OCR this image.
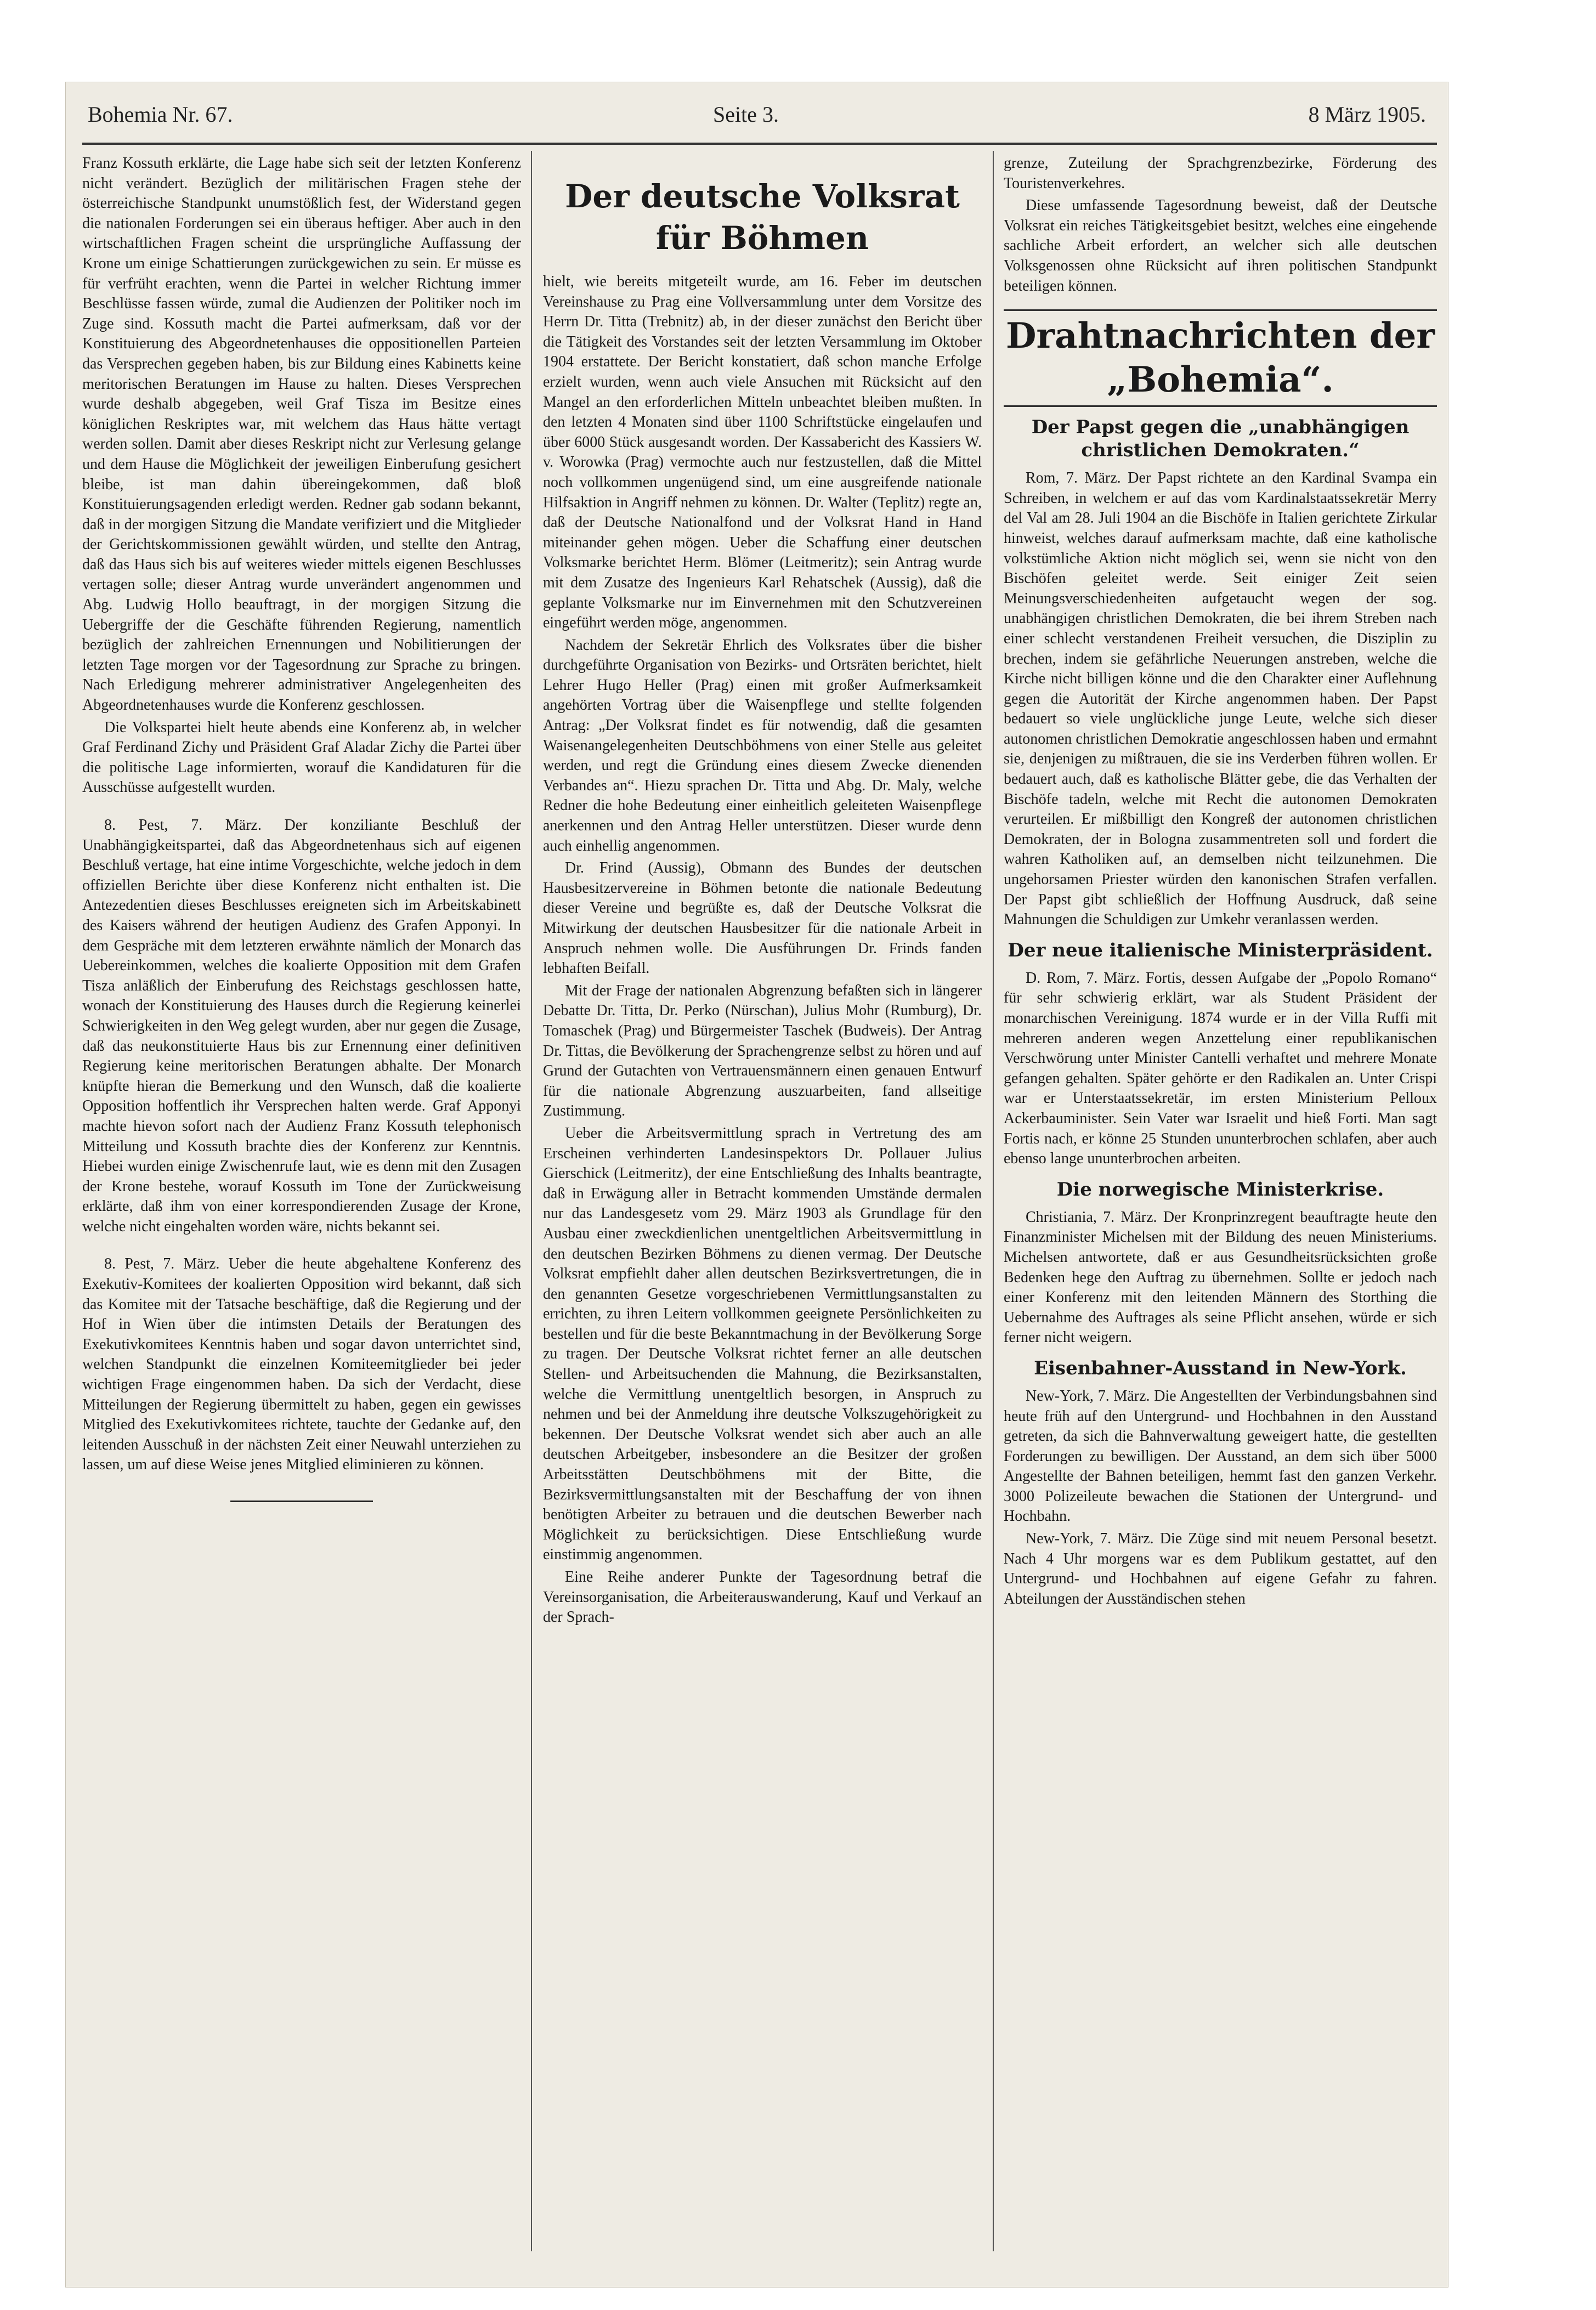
Bohemia Nr. 67.	Seite 3.	8 März 1905.

Franz Kossuth erklärte, die Lage habe sich seit der letzten Konferenz nicht verändert. Bezüglich der militärischen Fragen stehe der österreichische Standpunkt unumstößlich fest, der Widerstand gegen die nationalen Forderungen sei ein überaus heftiger. Aber auch in den wirtschaftlichen Fragen scheint die ursprüngliche Auffassung der Krone um einige Schattierungen zurückgewichen zu sein. Er müsse es für verfrüht erachten, wenn die Partei in welcher Richtung immer Beschlüsse fassen würde, zumal die Audienzen der Politiker noch im Zuge sind. Kossuth macht die Partei aufmerksam, daß vor der Konstituierung des Abgeordnetenhauses die oppositionellen Parteien das Versprechen gegeben haben, bis zur Bildung eines Kabinetts keine meritorischen Beratungen im Hause zu halten. Dieses Versprechen wurde deshalb abgegeben, weil Graf Tisza im Besitze eines königlichen Reskriptes war, mit welchem das Haus hätte vertagt werden sollen. Damit aber dieses Reskript nicht zur Verlesung gelange und dem Hause die Möglichkeit der jeweiligen Einberufung gesichert bleibe, ist man dahin übereingekommen, daß bloß Konstituierungsagenden erledigt werden. Redner gab sodann bekannt, daß in der morgigen Sitzung die Mandate verifiziert und die Mitglieder der Gerichtskommissionen gewählt würden, und stellte den Antrag, daß das Haus sich bis auf weiteres wieder mittels eigenen Beschlusses vertagen solle; dieser Antrag wurde unverändert angenommen und Abg. Ludwig Hollo beauftragt, in der morgigen Sitzung die Uebergriffe der die Geschäfte führenden Regierung, namentlich bezüglich der zahlreichen Ernennungen und Nobilitierungen der letzten Tage morgen vor der Tagesordnung zur Sprache zu bringen. Nach Erledigung mehrerer administrativer Angelegenheiten des Abgeordnetenhauses wurde die Konferenz geschlossen.

Die Volkspartei hielt heute abends eine Konferenz ab, in welcher Graf Ferdinand Zichy und Präsident Graf Aladar Zichy die Partei über die politische Lage informierten, worauf die Kandidaturen für die Ausschüsse aufgestellt wurden.

8. Pest, 7. März. Der konziliante Beschluß der Unabhängigkeitspartei, daß das Abgeordnetenhaus sich auf eigenen Beschluß vertage, hat eine intime Vorgeschichte, welche jedoch in dem offiziellen Berichte über diese Konferenz nicht enthalten ist. Die Antezedentien dieses Beschlusses ereigneten sich im Arbeitskabinett des Kaisers während der heutigen Audienz des Grafen Apponyi. In dem Gespräche mit dem letzteren erwähnte nämlich der Monarch das Uebereinkommen, welches die koalierte Opposition mit dem Grafen Tisza anläßlich der Einberufung des Reichstags geschlossen hatte, wonach der Konstituierung des Hauses durch die Regierung keinerlei Schwierigkeiten in den Weg gelegt wurden, aber nur gegen die Zusage, daß das neukonstituierte Haus bis zur Ernennung einer definitiven Regierung keine meritorischen Beratungen abhalte. Der Monarch knüpfte hieran die Bemerkung und den Wunsch, daß die koalierte Opposition hoffentlich ihr Versprechen halten werde. Graf Apponyi machte hievon sofort nach der Audienz Franz Kossuth telephonisch Mitteilung und Kossuth brachte dies der Konferenz zur Kenntnis. Hiebei wurden einige Zwischenrufe laut, wie es denn mit den Zusagen der Krone bestehe, worauf Kossuth im Tone der Zurückweisung erklärte, daß ihm von einer korrespondierenden Zusage der Krone, welche nicht eingehalten worden wäre, nichts bekannt sei.

8. Pest, 7. März. Ueber die heute abgehaltene Konferenz des Exekutiv-Komitees der koalierten Opposition wird bekannt, daß sich das Komitee mit der Tatsache beschäftige, daß die Regierung und der Hof in Wien über die intimsten Details der Beratungen des Exekutivkomitees Kenntnis haben und sogar davon unterrichtet sind, welchen Standpunkt die einzelnen Komiteemitglieder bei jeder wichtigen Frage eingenommen haben. Da sich der Verdacht, diese Mitteilungen der Regierung übermittelt zu haben, gegen ein gewisses Mitglied des Exekutivkomitees richtete, tauchte der Gedanke auf, den leitenden Ausschuß in der nächsten Zeit einer Neuwahl unterziehen zu lassen, um auf diese Weise jenes Mitglied eliminieren zu können.

Der deutsche Volksrat für Böhmen

hielt, wie bereits mitgeteilt wurde, am 16. Feber im deutschen Vereinshause zu Prag eine Vollversammlung unter dem Vorsitze des Herrn Dr. Titta (Trebnitz) ab, in der dieser zunächst den Bericht über die Tätigkeit des Vorstandes seit der letzten Versammlung im Oktober 1904 erstattete. Der Bericht konstatiert, daß schon manche Erfolge erzielt wurden, wenn auch viele Ansuchen mit Rücksicht auf den Mangel an den erforderlichen Mitteln unbeachtet bleiben mußten. In den letzten 4 Monaten sind über 1100 Schriftstücke eingelaufen und über 6000 Stück ausgesandt worden. Der Kassabericht des Kassiers W. v. Worowka (Prag) vermochte auch nur festzustellen, daß die Mittel noch vollkommen ungenügend sind, um eine ausgreifende nationale Hilfsaktion in Angriff nehmen zu können. Dr. Walter (Teplitz) regte an, daß der Deutsche Nationalfond und der Volksrat Hand in Hand miteinander gehen mögen. Ueber die Schaffung einer deutschen Volksmarke berichtet Herm. Blömer (Leitmeritz); sein Antrag wurde mit dem Zusatze des Ingenieurs Karl Rehatschek (Aussig), daß die geplante Volksmarke nur im Einvernehmen mit den Schutzvereinen eingeführt werden möge, angenommen.

Nachdem der Sekretär Ehrlich des Volksrates über die bisher durchgeführte Organisation von Bezirks- und Ortsräten berichtet, hielt Lehrer Hugo Heller (Prag) einen mit großer Aufmerksamkeit angehörten Vortrag über die Waisenpflege und stellte folgenden Antrag: „Der Volksrat findet es für notwendig, daß die gesamten Waisenangelegenheiten Deutschböhmens von einer Stelle aus geleitet werden, und regt die Gründung eines diesem Zwecke dienenden Verbandes an“. Hiezu sprachen Dr. Titta und Abg. Dr. Maly, welche Redner die hohe Bedeutung einer einheitlich geleiteten Waisenpflege anerkennen und den Antrag Heller unterstützen. Dieser wurde denn auch einhellig angenommen.

Dr. Frind (Aussig), Obmann des Bundes der deutschen Hausbesitzervereine in Böhmen betonte die nationale Bedeutung dieser Vereine und begrüßte es, daß der Deutsche Volksrat die Mitwirkung der deutschen Hausbesitzer für die nationale Arbeit in Anspruch nehmen wolle. Die Ausführungen Dr. Frinds fanden lebhaften Beifall.

Mit der Frage der nationalen Abgrenzung befaßten sich in längerer Debatte Dr. Titta, Dr. Perko (Nürschan), Julius Mohr (Rumburg), Dr. Tomaschek (Prag) und Bürgermeister Taschek (Budweis). Der Antrag Dr. Tittas, die Bevölkerung der Sprachengrenze selbst zu hören und auf Grund der Gutachten von Vertrauensmännern einen genauen Entwurf für die nationale Abgrenzung auszuarbeiten, fand allseitige Zustimmung.

Ueber die Arbeitsvermittlung sprach in Vertretung des am Erscheinen verhinderten Landesinspektors Dr. Pollauer Julius Gierschick (Leitmeritz), der eine Entschließung des Inhalts beantragte, daß in Erwägung aller in Betracht kommenden Umstände dermalen nur das Landesgesetz vom 29. März 1903 als Grundlage für den Ausbau einer zweckdienlichen unentgeltlichen Arbeitsvermittlung in den deutschen Bezirken Böhmens zu dienen vermag. Der Deutsche Volksrat empfiehlt daher allen deutschen Bezirksvertretungen, die in den genannten Gesetze vorgeschriebenen Vermittlungsanstalten zu errichten, zu ihren Leitern vollkommen geeignete Persönlichkeiten zu bestellen und für die beste Bekanntmachung in der Bevölkerung Sorge zu tragen. Der Deutsche Volksrat richtet ferner an alle deutschen Stellen- und Arbeitsuchenden die Mahnung, die Bezirksanstalten, welche die Vermittlung unentgeltlich besorgen, in Anspruch zu nehmen und bei der Anmeldung ihre deutsche Volkszugehörigkeit zu bekennen. Der Deutsche Volksrat wendet sich aber auch an alle deutschen Arbeitgeber, insbesondere an die Besitzer der großen Arbeitsstätten Deutschböhmens mit der Bitte, die Bezirksvermittlungsanstalten mit der Beschaffung der von ihnen benötigten Arbeiter zu betrauen und die deutschen Bewerber nach Möglichkeit zu berücksichtigen. Diese Entschließung wurde einstimmig angenommen.

Eine Reihe anderer Punkte der Tagesordnung betraf die Vereinsorganisation, die Arbeiterauswanderung, Kauf und Verkauf an der Sprach-

grenze, Zuteilung der Sprachgrenzbezirke, Förderung des Touristenverkehres.

Diese umfassende Tagesordnung beweist, daß der Deutsche Volksrat ein reiches Tätigkeitsgebiet besitzt, welches eine eingehende sachliche Arbeit erfordert, an welcher sich alle deutschen Volksgenossen ohne Rücksicht auf ihren politischen Standpunkt beteiligen können.

Drahtnachrichten der „Bohemia“.
Der Papst gegen die „unabhängigen christlichen Demokraten.“

Rom, 7. März. Der Papst richtete an den Kardinal Svampa ein Schreiben, in welchem er auf das vom Kardinalstaatssekretär Merry del Val am 28. Juli 1904 an die Bischöfe in Italien gerichtete Zirkular hinweist, welches darauf aufmerksam machte, daß eine katholische volkstümliche Aktion nicht möglich sei, wenn sie nicht von den Bischöfen geleitet werde. Seit einiger Zeit seien Meinungsverschiedenheiten aufgetaucht wegen der sog. unabhängigen christlichen Demokraten, die bei ihrem Streben nach einer schlecht verstandenen Freiheit versuchen, die Disziplin zu brechen, indem sie gefährliche Neuerungen anstreben, welche die Kirche nicht billigen könne und die den Charakter einer Auflehnung gegen die Autorität der Kirche angenommen haben. Der Papst bedauert so viele unglückliche junge Leute, welche sich dieser autonomen christlichen Demokratie angeschlossen haben und ermahnt sie, denjenigen zu mißtrauen, die sie ins Verderben führen wollen. Er bedauert auch, daß es katholische Blätter gebe, die das Verhalten der Bischöfe tadeln, welche mit Recht die autonomen Demokraten verurteilen. Er mißbilligt den Kongreß der autonomen christlichen Demokraten, der in Bologna zusammentreten soll und fordert die wahren Katholiken auf, an demselben nicht teilzunehmen. Die ungehorsamen Priester würden den kanonischen Strafen verfallen. Der Papst gibt schließlich der Hoffnung Ausdruck, daß seine Mahnungen die Schuldigen zur Umkehr veranlassen werden.

Der neue italienische Ministerpräsident.

D. Rom, 7. März. Fortis, dessen Aufgabe der „Popolo Romano“ für sehr schwierig erklärt, war als Student Präsident der monarchischen Vereinigung. 1874 wurde er in der Villa Ruffi mit mehreren anderen wegen Anzettelung einer republikanischen Verschwörung unter Minister Cantelli verhaftet und mehrere Monate gefangen gehalten. Später gehörte er den Radikalen an. Unter Crispi war er Unterstaatssekretär, im ersten Ministerium Pelloux Ackerbauminister. Sein Vater war Israelit und hieß Forti. Man sagt Fortis nach, er könne 25 Stunden ununterbrochen schlafen, aber auch ebenso lange ununterbrochen arbeiten.

Die norwegische Ministerkrise.

Christiania, 7. März. Der Kronprinzregent beauftragte heute den Finanzminister Michelsen mit der Bildung des neuen Ministeriums. Michelsen antwortete, daß er aus Gesundheitsrücksichten große Bedenken hege den Auftrag zu übernehmen. Sollte er jedoch nach einer Konferenz mit den leitenden Männern des Storthing die Uebernahme des Auftrages als seine Pflicht ansehen, würde er sich ferner nicht weigern.

Eisenbahner-Ausstand in New-York.

New-York, 7. März. Die Angestellten der Verbindungsbahnen sind heute früh auf den Untergrund- und Hochbahnen in den Ausstand getreten, da sich die Bahnverwaltung geweigert hatte, die gestellten Forderungen zu bewilligen. Der Ausstand, an dem sich über 5000 Angestellte der Bahnen beteiligen, hemmt fast den ganzen Verkehr. 3000 Polizeileute bewachen die Stationen der Untergrund- und Hochbahn.

New-York, 7. März. Die Züge sind mit neuem Personal besetzt. Nach 4 Uhr morgens war es dem Publikum gestattet, auf den Untergrund- und Hochbahnen auf eigene Gefahr zu fahren. Abteilungen der Ausständischen stehen
